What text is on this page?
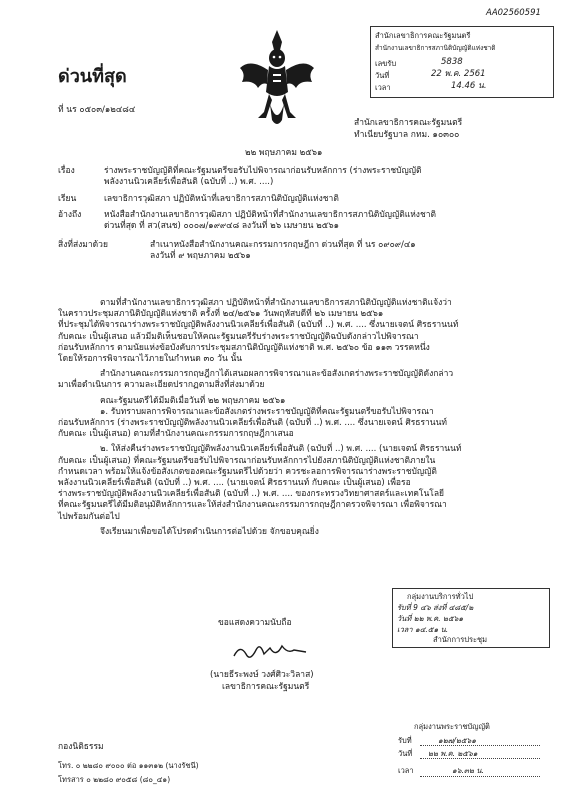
AA02560591
สำนักเลขาธิการคณะรัฐมนตรี
สำนักงานเลขาธิการสภานิติบัญญัติแห่งชาติ
เลขรับ	5838
วันที่	22 พ.ค. 2561
เวลา	14.46 น.
ด่วนที่สุด
ที่ นร ๐๕๐๓/๑๒๔๘๔
สำนักเลขาธิการคณะรัฐมนตรี
ทำเนียบรัฐบาล กทม. ๑๐๓๐๐
๒๒ พฤษภาคม ๒๕๖๑
เรื่อง	ร่างพระราชบัญญัติที่คณะรัฐมนตรีขอรับไปพิจารณาก่อนรับหลักการ (ร่างพระราชบัญญัติ
พลังงานนิวเคลียร์เพื่อสันติ (ฉบับที่ ..) พ.ศ. ....)
เรียน	เลขาธิการวุฒิสภา ปฏิบัติหน้าที่เลขาธิการสภานิติบัญญัติแห่งชาติ
อ้างถึง	หนังสือสำนักงานเลขาธิการวุฒิสภา ปฏิบัติหน้าที่สำนักงานเลขาธิการสภานิติบัญญัติแห่งชาติ
ด่วนที่สุด ที่ สว(สนช) ๐๐๐๗/๑๙๙๔๘ ลงวันที่ ๒๖ เมษายน ๒๕๖๑
สิ่งที่ส่งมาด้วย	สำเนาหนังสือสำนักงานคณะกรรมการกฤษฎีกา ด่วนที่สุด ที่ นร ๐๙๐๙/๔๑
ลงวันที่ ๙ พฤษภาคม ๒๕๖๑

ตามที่สำนักงานเลขาธิการวุฒิสภา ปฏิบัติหน้าที่สำนักงานเลขาธิการสภานิติบัญญัติแห่งชาติแจ้งว่า

ในคราวประชุมสภานิติบัญญัติแห่งชาติ ครั้งที่ ๒๔/๒๕๖๑ วันพฤหัสบดีที่ ๒๖ เมษายน ๒๕๖๑

ที่ประชุมได้พิจารณาร่างพระราชบัญญัติพลังงานนิวเคลียร์เพื่อสันติ (ฉบับที่ ..) พ.ศ. .... ซึ่งนายเจตน์ ศิรธรานนท์

กับคณะ เป็นผู้เสนอ แล้วมีมติเห็นชอบให้คณะรัฐมนตรีรับร่างพระราชบัญญัติฉบับดังกล่าวไปพิจารณา

ก่อนรับหลักการ ตามนัยแห่งข้อบังคับการประชุมสภานิติบัญญัติแห่งชาติ พ.ศ. ๒๕๖๐ ข้อ ๑๑๓ วรรคหนึ่ง

โดยให้รอการพิจารณาไว้ภายในกำหนด ๓๐ วัน นั้น

สำนักงานคณะกรรมการกฤษฎีกาได้เสนอผลการพิจารณาและข้อสังเกตร่างพระราชบัญญัติดังกล่าว

มาเพื่อดำเนินการ ความละเอียดปรากฏตามสิ่งที่ส่งมาด้วย

คณะรัฐมนตรีได้มีมติเมื่อวันที่ ๒๒ พฤษภาคม ๒๕๖๑

๑. รับทราบผลการพิจารณาและข้อสังเกตร่างพระราชบัญญัติที่คณะรัฐมนตรีขอรับไปพิจารณา

ก่อนรับหลักการ (ร่างพระราชบัญญัติพลังงานนิวเคลียร์เพื่อสันติ (ฉบับที่ ..) พ.ศ. .... ซึ่งนายเจตน์ ศิรธรานนท์

กับคณะ เป็นผู้เสนอ) ตามที่สำนักงานคณะกรรมการกฤษฎีกาเสนอ

๒. ให้ส่งคืนร่างพระราชบัญญัติพลังงานนิวเคลียร์เพื่อสันติ (ฉบับที่ ..) พ.ศ. .... (นายเจตน์ ศิรธรานนท์

กับคณะ เป็นผู้เสนอ) ที่คณะรัฐมนตรีขอรับไปพิจารณาก่อนรับหลักการไปยังสภานิติบัญญัติแห่งชาติภายใน

กำหนดเวลา พร้อมให้แจ้งข้อสังเกตของคณะรัฐมนตรีไปด้วยว่า ควรชะลอการพิจารณาร่างพระราชบัญญัติ

พลังงานนิวเคลียร์เพื่อสันติ (ฉบับที่ ..) พ.ศ. .... (นายเจตน์ ศิรธรานนท์ กับคณะ เป็นผู้เสนอ) เพื่อรอ

ร่างพระราชบัญญัติพลังงานนิวเคลียร์เพื่อสันติ (ฉบับที่ ..) พ.ศ. .... ของกระทรวงวิทยาศาสตร์และเทคโนโลยี

ที่คณะรัฐมนตรีได้มีมติอนุมัติหลักการและให้ส่งสำนักงานคณะกรรมการกฤษฎีกาตรวจพิจารณา เพื่อพิจารณา

ไปพร้อมกันต่อไป

จึงเรียนมาเพื่อขอได้โปรดดำเนินการต่อไปด้วย จักขอบคุณยิ่ง

ขอแสดงความนับถือ
(นายธีระพงษ์ วงศ์ศิวะวิลาส)
เลขาธิการคณะรัฐมนตรี
กลุ่มงานบริการทั่วไป
รับที่ 9 ๔๖ ส่งที่ ๔๘๕/๒
วันที่ ๒๒ พ.ค. ๒๕๖๑
เวลา ๑๔.๕๑ น.
สำนักการประชุม
กลุ่มงานพระราชบัญญัติ
รับที่	๑๒๗/๒๕๖๑
วันที่ ๒๒ พ.ค. ๒๕๖๑
เวลา	๑๖.๓๒ น.
กองนิติธรรม
โทร. ๐ ๒๒๘๐ ๙๐๐๐ ต่อ ๑๑๓๑๒ (นางรัชนี)
โทรสาร ๐ ๒๒๘๐ ๙๐๕๘ (๘๐_๔๑)
